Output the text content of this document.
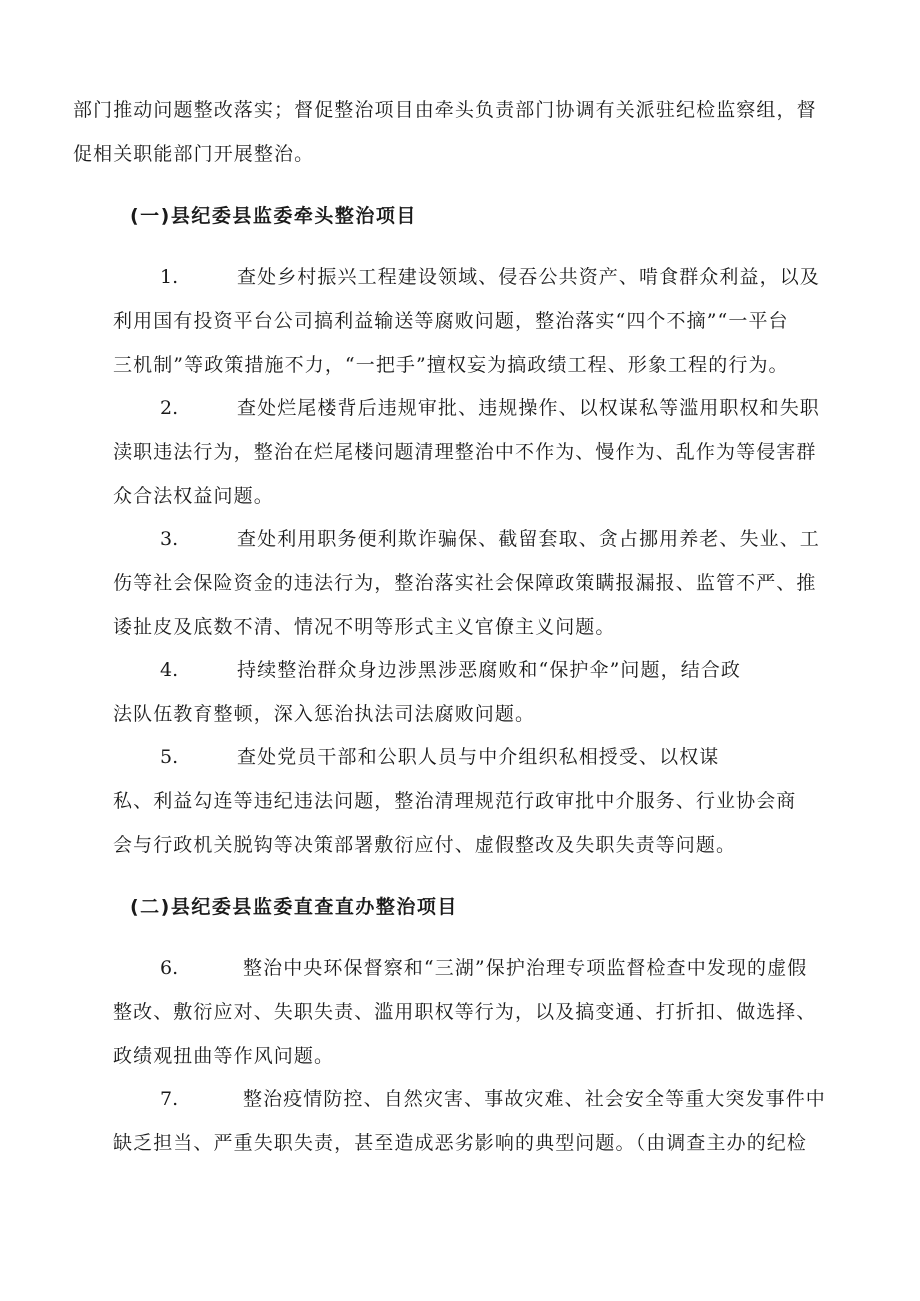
部门推动问题整改落实；督促整治项目由牵头负责部门协调有关派驻纪检监察组，督
促相关职能部门开展整治。
(一)县纪委县监委牵头整治项目
1.	查处乡村振兴工程建设领域、侵吞公共资产、啃食群众利益，以及
利用国有投资平台公司搞利益输送等腐败问题，整治落实“四个不摘”“一平台
三机制”等政策措施不力，“一把手”擅权妄为搞政绩工程、形象工程的行为。
2.	查处烂尾楼背后违规审批、违规操作、以权谋私等滥用职权和失职
渎职违法行为，整治在烂尾楼问题清理整治中不作为、慢作为、乱作为等侵害群
众合法权益问题。
3.	查处利用职务便利欺诈骗保、截留套取、贪占挪用养老、失业、工
伤等社会保险资金的违法行为，整治落实社会保障政策瞒报漏报、监管不严、推
诿扯皮及底数不清、情况不明等形式主义官僚主义问题。
4.	持续整治群众身边涉黑涉恶腐败和“保护伞”问题，结合政
法队伍教育整顿，深入惩治执法司法腐败问题。
5.	查处党员干部和公职人员与中介组织私相授受、以权谋
私、利益勾连等违纪违法问题，整治清理规范行政审批中介服务、行业协会商
会与行政机关脱钩等决策部署敷衍应付、虚假整改及失职失责等问题。
(二)县纪委县监委直查直办整治项目
6.	整治中央环保督察和“三湖”保护治理专项监督检查中发现的虚假
整改、敷衍应对、失职失责、滥用职权等行为，以及搞变通、打折扣、做选择、
政绩观扭曲等作风问题。
7.	整治疫情防控、自然灾害、事故灾难、社会安全等重大突发事件中
缺乏担当、严重失职失责，甚至造成恶劣影响的典型问题。（由调查主办的纪检
